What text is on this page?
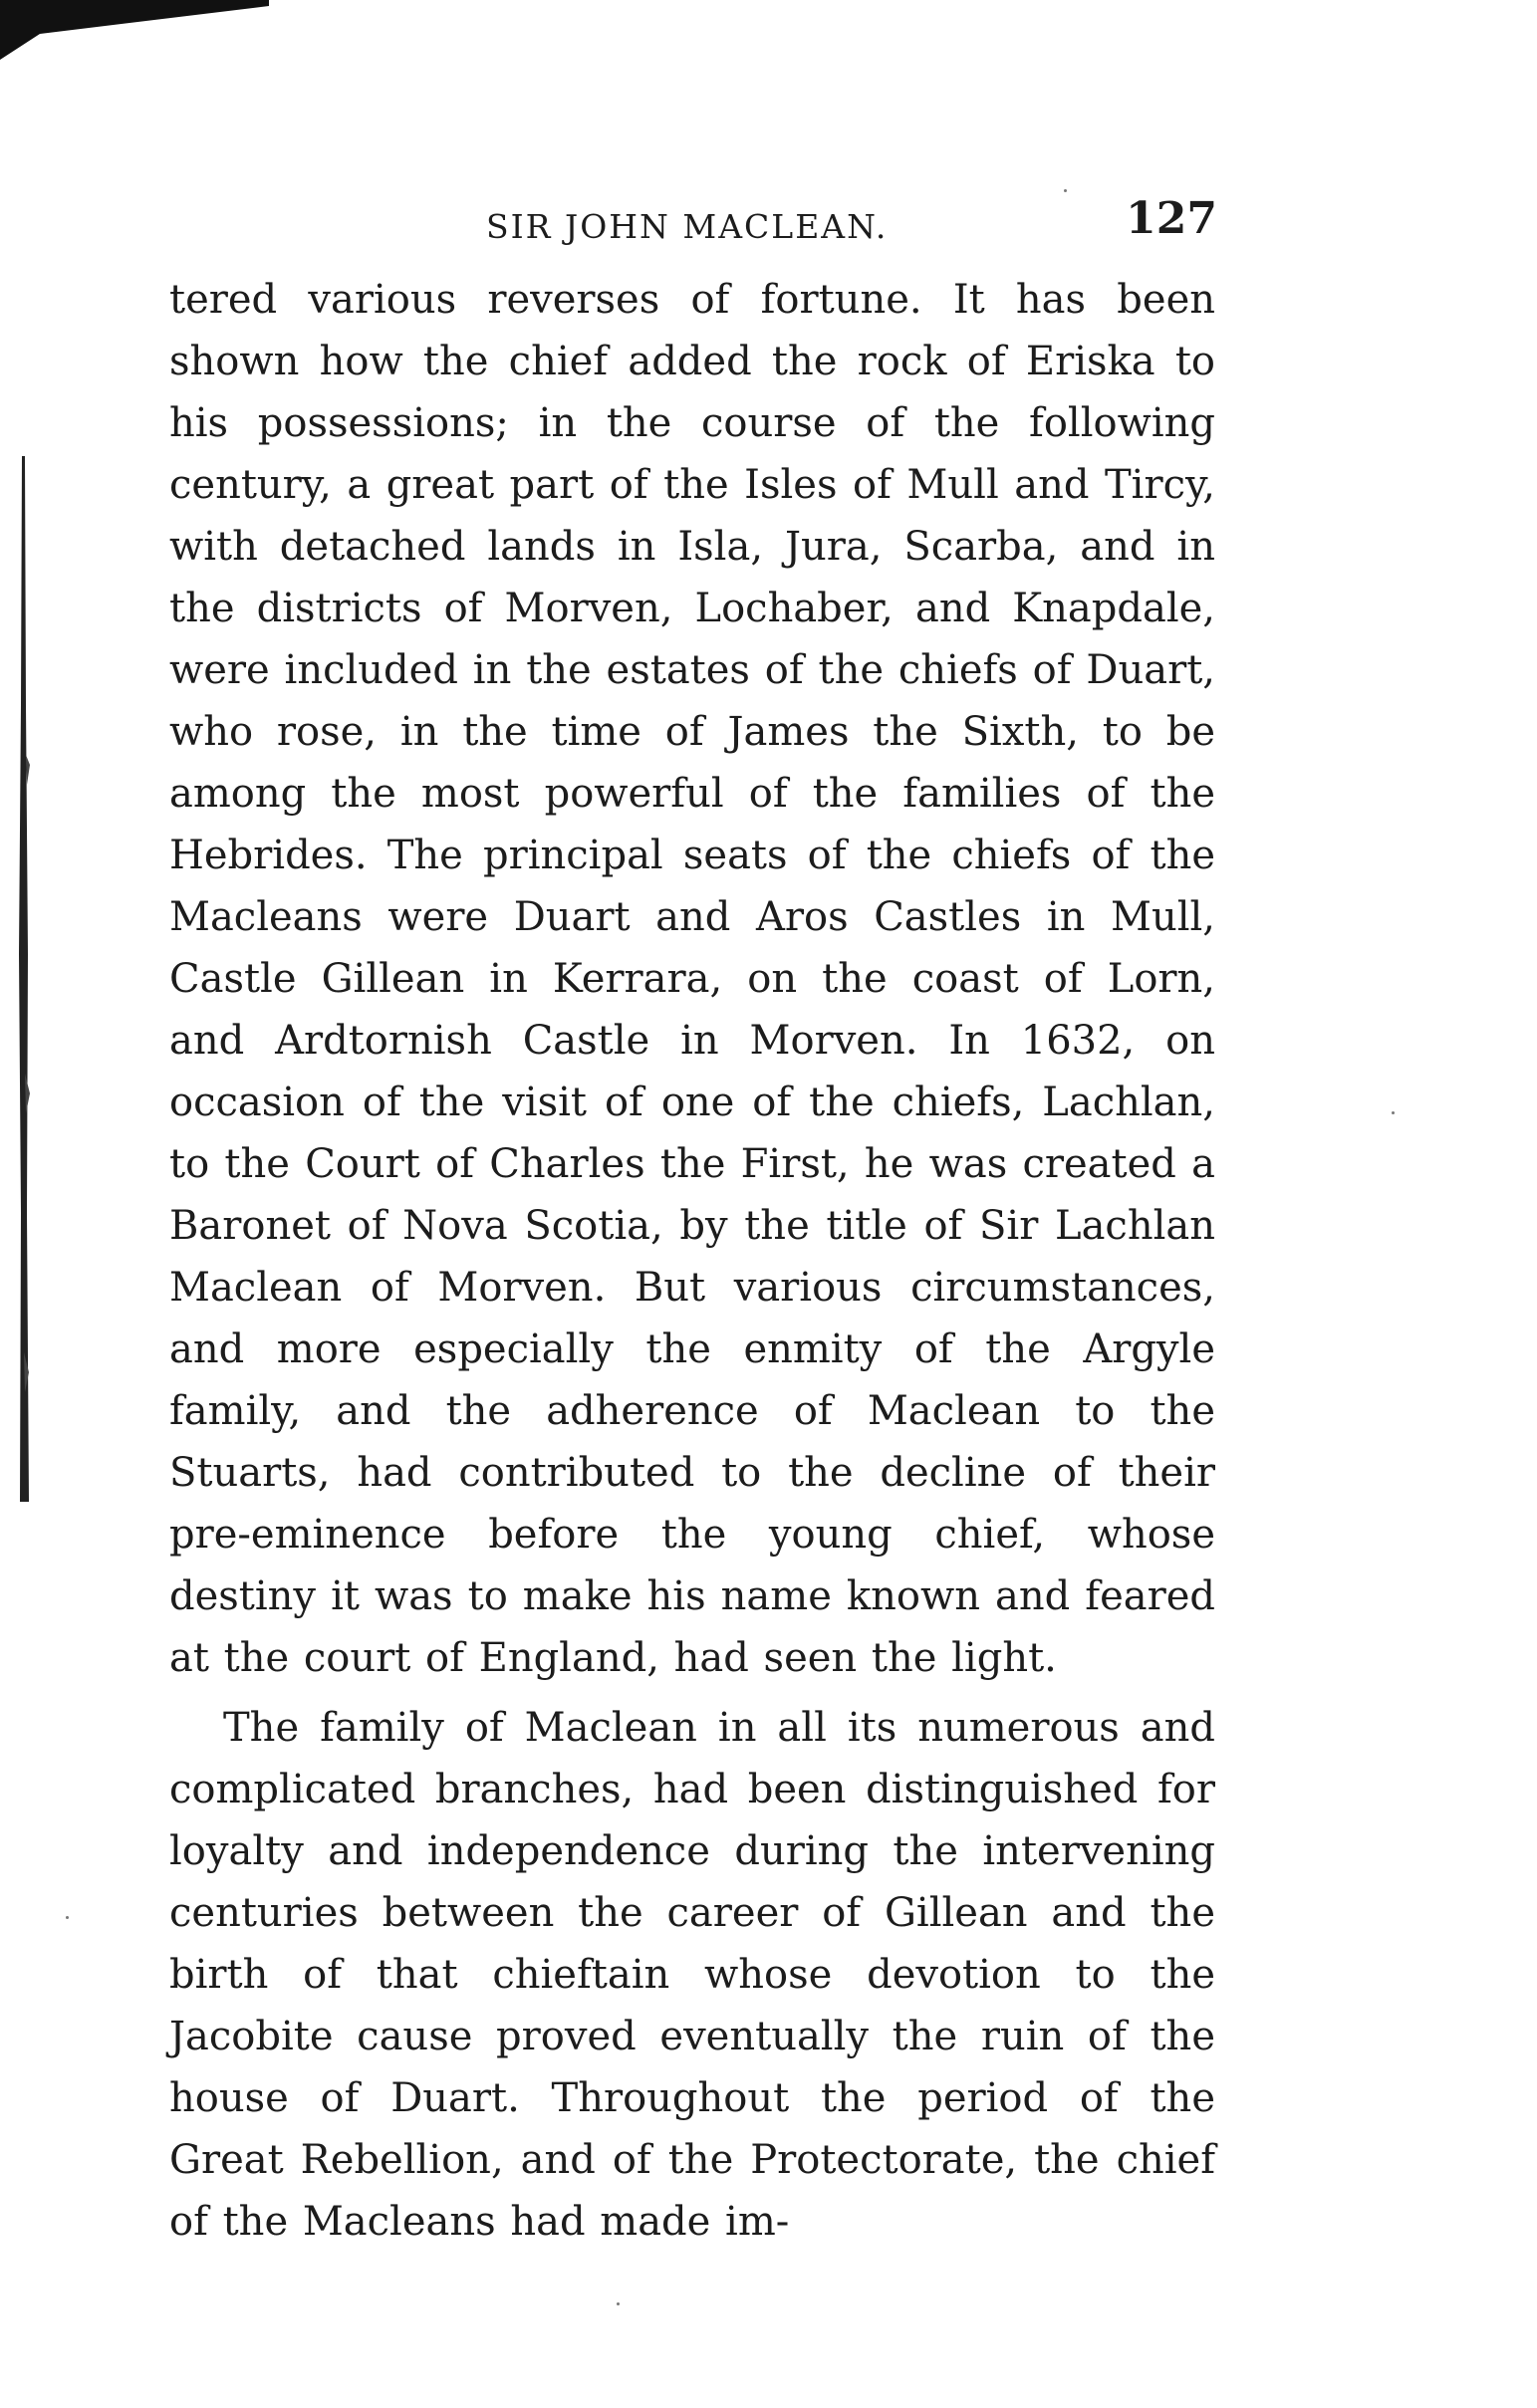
SIR JOHN MACLEAN.	127

tered various reverses of fortune. It has been shown how the chief added the rock of Eriska to his possessions; in the course of the following century, a great part of the Isles of Mull and Tircy, with detached lands in Isla, Jura, Scarba, and in the districts of Morven, Lochaber, and Knapdale, were included in the estates of the chiefs of Duart, who rose, in the time of James the Sixth, to be among the most powerful of the families of the Hebrides. The principal seats of the chiefs of the Macleans were Duart and Aros Castles in Mull, Castle Gillean in Kerrara, on the coast of Lorn, and Ardtornish Castle in Morven. In 1632, on occasion of the visit of one of the chiefs, Lachlan, to the Court of Charles the First, he was created a Baronet of Nova Scotia, by the title of Sir Lachlan Maclean of Morven. But various circumstances, and more especially the enmity of the Argyle family, and the adherence of Maclean to the Stuarts, had contributed to the decline of their pre-eminence before the young chief, whose destiny it was to make his name known and feared at the court of England, had seen the light.

The family of Maclean in all its numerous and complicated branches, had been distinguished for loyalty and independence during the intervening centuries between the career of Gillean and the birth of that chieftain whose devotion to the Jacobite cause proved eventually the ruin of the house of Duart. Throughout the period of the Great Rebellion, and of the Protectorate, the chief of the Macleans had made im-
